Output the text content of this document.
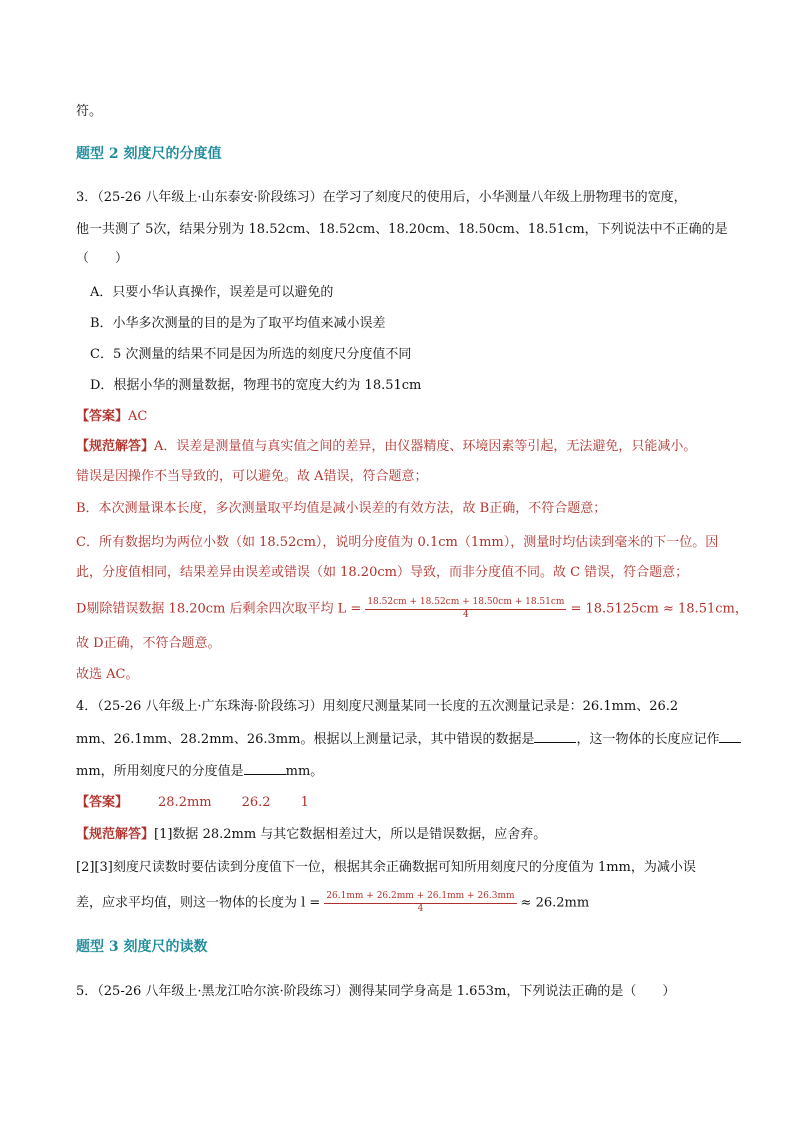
符。
题型 2 刻度尺的分度值
3．（25-26 八年级上·山东泰安·阶段练习）在学习了刻度尺的使用后，小华测量八年级上册物理书的宽度，
他一共测了 5次，结果分别为 18.52cm、18.52cm、18.20cm、18.50cm、18.51cm，下列说法中不正确的是
（　　）
A．只要小华认真操作，误差是可以避免的
B．小华多次测量的目的是为了取平均值来减小误差
C．5 次测量的结果不同是因为所选的刻度尺分度值不同
D．根据小华的测量数据，物理书的宽度大约为 18.51cm
【答案】AC
【规范解答】A．误差是测量值与真实值之间的差异，由仪器精度、环境因素等引起，无法避免，只能减小。
错误是因操作不当导致的，可以避免。故 A错误，符合题意；
B．本次测量课本长度，多次测量取平均值是减小误差的有效方法，故 B正确，不符合题意；
C．所有数据均为两位小数（如 18.52cm），说明分度值为 0.1cm（1mm），测量时均估读到毫米的下一位。因
此，分度值相同，结果差异由误差或错误（如 18.20cm）导致，而非分度值不同。故 C 错误，符合题意；
D剔除错误数据 18.20cm 后剩余四次取平均 $L = \frac{18.52cm + 18.52cm + 18.50cm + 18.51cm}{4} = 18.5125cm \approx 18.51cm$，
故 D正确，不符合题意。
故选 AC。
4．（25-26 八年级上·广东珠海·阶段练习）用刻度尺测量某同一长度的五次测量记录是：26.1mm、26.2
mm、26.1mm、28.2mm、26.3mm。根据以上测量记录，其中错误的数据是	，这一物体的长度应记作
mm，所用刻度尺的分度值是	mm。
【答案】 28.2mm 26.2 1
【规范解答】[1]数据 28.2mm 与其它数据相差过大，所以是错误数据，应舍弃。
[2][3]刻度尺读数时要估读到分度值下一位，根据其余正确数据可知所用刻度尺的分度值为 1mm，为减小误
差，应求平均值，则这一物体的长度为 $l = \frac{26.1mm + 26.2mm + 26.1mm + 26.3mm}{4} \approx 26.2mm$
题型 3 刻度尺的读数
5．（25-26 八年级上·黑龙江哈尔滨·阶段练习）测得某同学身高是 1.653m，下列说法正确的是（　　）
